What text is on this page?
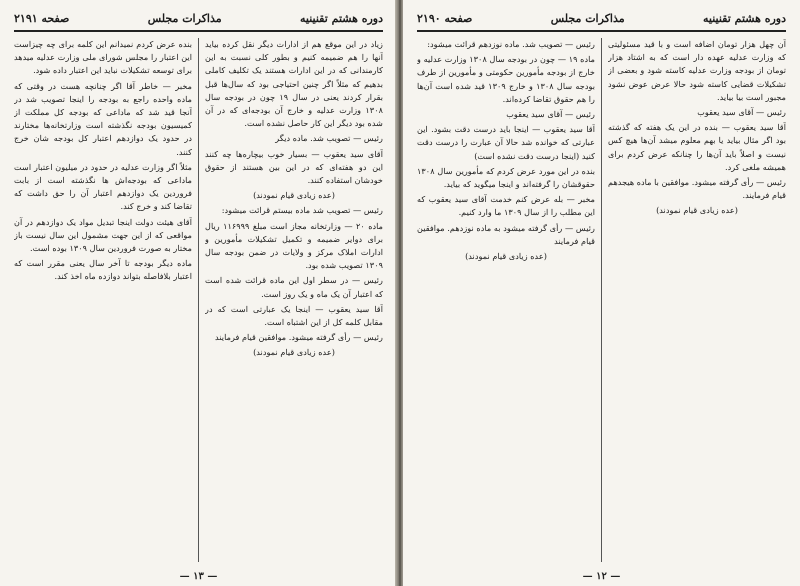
دوره هشتم تقنینیه
مذاکرات مجلس
صفحه ۲۱۹۱

زیاد در این موقع هم از ادارات دیگر نقل کرده بیاید آنها را هم ضمیمه کنیم و بطور کلی نسبت به این کارمندانی که در این ادارات هستند یک تکلیف کاملی بدهیم که مثلاً اگر چنین احتیاجی بود که سال‌ها قبل بقرار کردند یعنی در سال ۱۹ چون در بودجه سال ۱۳۰۸ وزارت عدلیه و خارج آن بودجه‌ای که در آن شده بود دیگر این کار حاصل نشده است.

رئیس — تصویب شد. ماده دیگر

آقای سید یعقوب — بسیار خوب بیچاره‌ها چه کنند این دو هفته‌ای که در این بین هستند از حقوق خودشان استفاده کنند.

(عده زیادی قیام نمودند)

رئیس — تصویب شد ماده بیستم قرائت میشود:

ماده ۲۰ — وزارتخانه مجاز است مبلغ ۱۱۶۹۹۹ ریال برای دوایر ضمیمه و تکمیل تشکیلات مأمورین و ادارات املاک مرکز و ولایات در ضمن بودجه سال ۱۳۰۹ تصویب شده بود.

رئیس — در سطر اول این ماده قرائت شده است که اعتبار آن یک ماه و یک روز است.

آقا سید یعقوب — اینجا یک عبارتی است که در مقابل کلمه کل از این اشتباه است.

رئیس — رأی گرفته میشود. موافقین قیام فرمایند

(عده زیادی قیام نمودند)

بنده عرض کردم نمیدانم این کلمه برای چه چیزاست این اعتبار را مجلس شورای ملی وزارت عدلیه میدهد برای توسعه تشکیلات نباید این اعتبار داده شود.

مخبر — خاطر آقا اگر چنانچه هست در وقتی که ماده واحده راجع به بودجه را اینجا تصویب شد در آنجا قید شد که ماداعی که بودجه کل مملکت از کمیسیون بودجه نگذشته است وزارتخانه‌ها مختارند در حدود یک دوازدهم اعتبار کل بودجه شان خرج کنند.

مثلاً اگر وزارت عدلیه در حدود در میلیون اعتبار است ماداعی که بودجه‌اش ها نگذشته است از بابت فروردین یک دوازدهم اعتبار آن را حق داشت که تقاضا کند و خرج کند.

آقای هیئت دولت اینجا تبدیل مواد یک دوازدهم در آن مواقعی که از این جهت مشمول این سال نیست باز مختار به صورت فروردین سال ۱۳۰۹ بوده است.

ماده دیگر بودجه تا آخر سال یعنی مقرر است که اعتبار بلافاصله بتواند دوازده ماه اخذ کند.

— ۱۳ —
دوره هشتم تقنینیه
مذاکرات مجلس
صفحه ۲۱۹۰

آن چهل هزار تومان اضافه است و با قید مسئولیتی که وزارت عدلیه عهده دار است که به اشتاد هزار تومان از بودجه وزارت عدلیه کاسته شود و بعضی از تشکیلات قضایی کاسته شود حالا عرض عوض نشود مجبور است بیا بیاید.

رئیس — آقای سید یعقوب

آقا سید یعقوب — بنده در این یک هفته که گذشته بود اگر مثال بیاید یا بهم معلوم میشد آن‌ها هیچ کس نیست و اصلاً باید آن‌ها را چنانکه عرض کردم برای همیشه ملغی کرد.

رئیس — رأی گرفته میشود. موافقین با ماده هیجدهم قیام فرمایند.

(عده زیادی قیام نمودند)

رئیس — تصویب شد. ماده نوزدهم قرائت میشود:

ماده ۱۹ — چون در بودجه سال ۱۳۰۸ وزارت عدلیه و خارج از بودجه مأمورین حکومتی و مأمورین از طرف بودجه سال ۱۳۰۸ و خارج ۱۳۰۹ قید شده است آن‌ها را هم حقوق تقاضا کرده‌اند.

رئیس — آقای سید یعقوب

آقا سید یعقوب — اینجا باید درست دقت بشود. این عبارتی که خوانده شد حالا آن عبارت را درست دقت کنید (اینجا درست دقت نشده است)

بنده در این مورد عرض کردم که مأمورین سال ۱۳۰۸ حقوقشان را گرفته‌اند و اینجا میگوید که بیاید.

مخبر — بله عرض کنم خدمت آقای سید یعقوب که این مطلب را از سال ۱۳۰۹ ما وارد کنیم.

رئیس — رأی گرفته میشود به ماده نوزدهم. موافقین قیام فرمایند

(عده زیادی قیام نمودند)

— ۱۲ —
